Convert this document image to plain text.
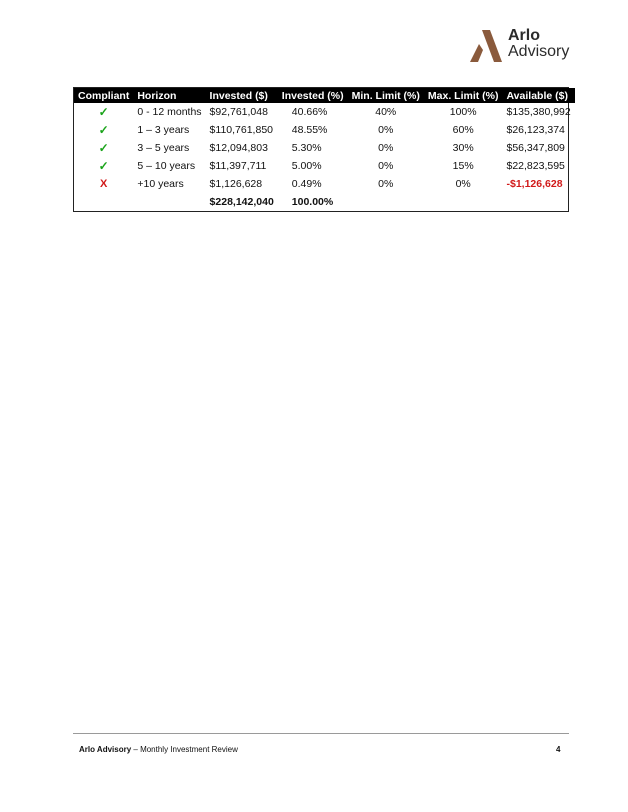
Arlo
Advisory
Compliant	Horizon	Invested ($)	Invested (%)	Min. Limit (%)	Max. Limit (%)	Available ($)
✓	0 - 12 months	$92,761,048	40.66%	40%	100%	$135,380,992
✓	1 – 3 years	$110,761,850	48.55%	0%	60%	$26,123,374
✓	3 – 5 years	$12,094,803	5.30%	0%	30%	$56,347,809
✓	5 – 10 years	$11,397,711	5.00%	0%	15%	$22,823,595
X	+10 years	$1,126,628	0.49%	0%	0%	-$1,126,628
		$228,142,040	100.00%			
Arlo Advisory – Monthly Investment Review	4
